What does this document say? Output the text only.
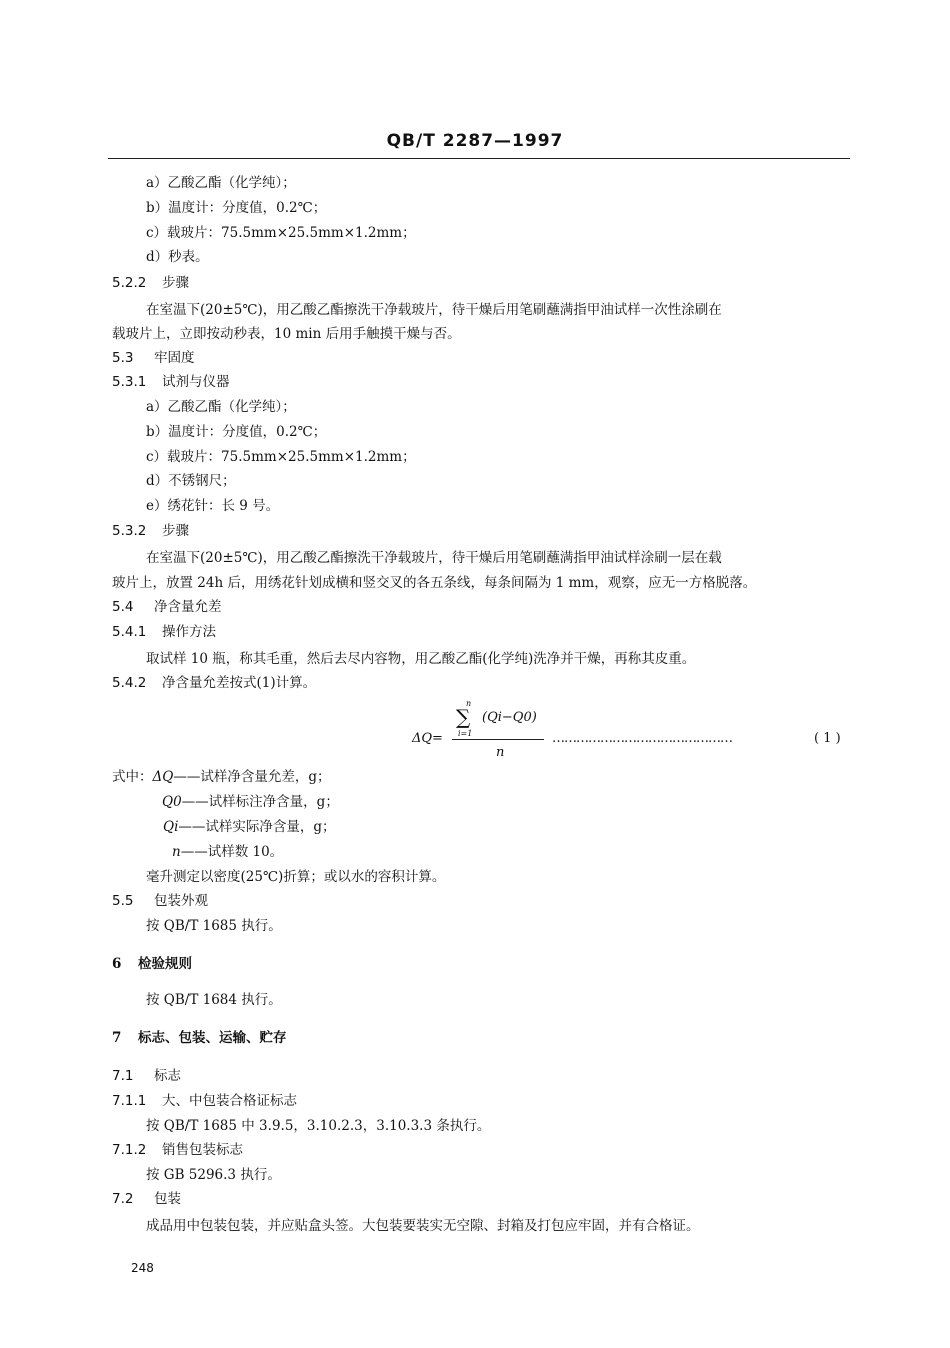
QB/T 2287—1997
a）乙酸乙酯（化学纯）；
b）温度计：分度值，0.2℃；
c）载玻片：75.5mm×25.5mm×1.2mm；
d）秒表。
5.2.2 步骤
在室温下(20±5℃)，用乙酸乙酯擦洗干净载玻片，待干燥后用笔刷蘸满指甲油试样一次性涂刷在
载玻片上，立即按动秒表，10 min 后用手触摸干燥与否。
5.3 牢固度
5.3.1 试剂与仪器
a）乙酸乙酯（化学纯）；
b）温度计：分度值，0.2℃；
c）载玻片：75.5mm×25.5mm×1.2mm；
d）不锈钢尺；
e）绣花针：长 9 号。
5.3.2 步骤
在室温下(20±5℃)，用乙酸乙酯擦洗干净载玻片，待干燥后用笔刷蘸满指甲油试样涂刷一层在载
玻片上，放置 24h 后，用绣花针划成横和竖交叉的各五条线，每条间隔为 1 mm，观察，应无一方格脱落。
5.4 净含量允差
5.4.1 操作方法
取试样 10 瓶，称其毛重，然后去尽内容物，用乙酸乙酯(化学纯)洗净并干燥，再称其皮重。
5.4.2 净含量允差按式(1)计算。
ΔQ=
n
∑
i=1
(Qi−Q0)
n
………………………………………	( 1 )
式中：ΔQ——试样净含量允差，g；
Q0——试样标注净含量，g；
Qi——试样实际净含量，g；
n——试样数 10。
毫升测定以密度(25℃)折算；或以水的容积计算。
5.5 包装外观
按 QB/T 1685 执行。
6 检验规则
按 QB/T 1684 执行。
7 标志、包装、运输、贮存
7.1 标志
7.1.1 大、中包装合格证标志
按 QB/T 1685 中 3.9.5，3.10.2.3，3.10.3.3 条执行。
7.1.2 销售包装标志
按 GB 5296.3 执行。
7.2 包装
成品用中包装包装，并应贴盒头签。大包装要装实无空隙、封箱及打包应牢固，并有合格证。
248
